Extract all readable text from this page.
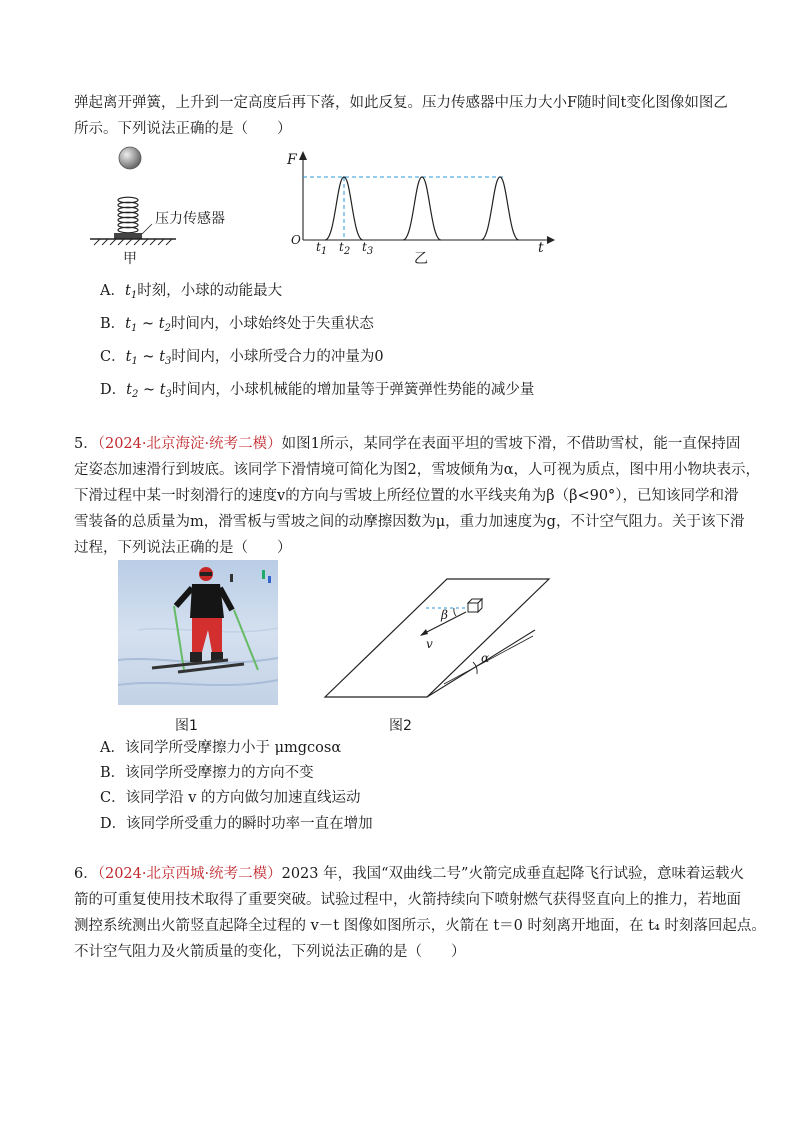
弹起离开弹簧，上升到一定高度后再下落，如此反复。压力传感器中压力大小F随时间t变化图像如图乙
所示。下列说法正确的是（　　）
压力传感器
甲
F
O	t
$t_1$ $t_2$ $t_3$	乙
A．$t_1$时刻，小球的动能最大
B．$t_1$ ~ $t_2$时间内，小球始终处于失重状态
C．$t_1$ ~ $t_3$时间内，小球所受合力的冲量为0
D．$t_2$ ~ $t_3$时间内，小球机械能的增加量等于弹簧弹性势能的减少量
5．（2024·北京海淀·统考二模）如图1所示，某同学在表面平坦的雪坡下滑，不借助雪杖，能一直保持固
定姿态加速滑行到坡底。该同学下滑情境可简化为图2，雪坡倾角为α，人可视为质点，图中用小物块表示，
下滑过程中某一时刻滑行的速度v的方向与雪坡上所经位置的水平线夹角为β（β<90°），已知该同学和滑
雪装备的总质量为m，滑雪板与雪坡之间的动摩擦因数为μ，重力加速度为g，不计空气阻力。关于该下滑
过程，下列说法正确的是（　　）
图1
β
v
α
图2
A．该同学所受摩擦力小于 μmgcosα
B．该同学所受摩擦力的方向不变
C．该同学沿 v 的方向做匀加速直线运动
D．该同学所受重力的瞬时功率一直在增加
6．（2024·北京西城·统考二模）2023 年，我国“双曲线二号”火箭完成垂直起降飞行试验，意味着运载火
箭的可重复使用技术取得了重要突破。试验过程中，火箭持续向下喷射燃气获得竖直向上的推力，若地面
测控系统测出火箭竖直起降全过程的 v－t 图像如图所示，火箭在 t＝0 时刻离开地面，在 t₄ 时刻落回起点。
不计空气阻力及火箭质量的变化，下列说法正确的是（　　）
